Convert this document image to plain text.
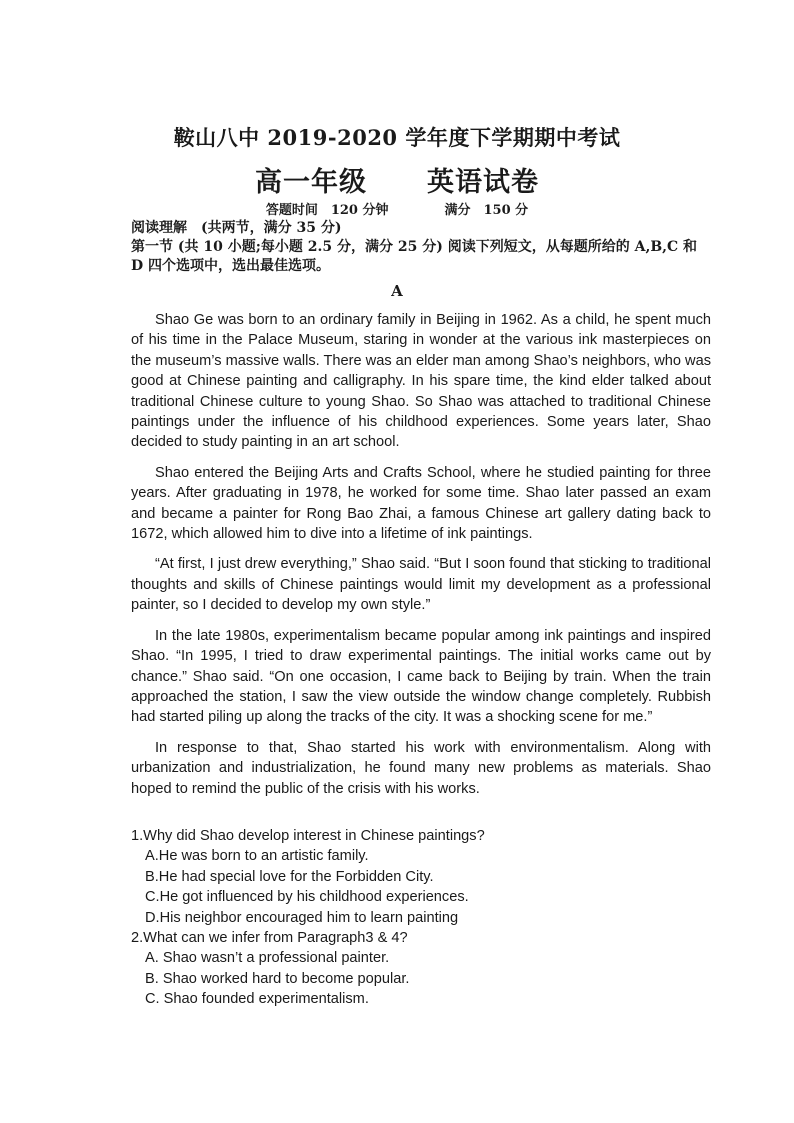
鞍山八中 2019-2020 学年度下学期期中考试
高一年级 英语试卷
答题时间　120 分钟	满分　150 分
阅读理解　(共两节，满分 35 分)
第一节 (共 10 小题;每小题 2.5 分，满分 25 分) 阅读下列短文，从每题所给的 A,B,C 和 D 四个选项中，选出最佳选项。
A

Shao Ge was born to an ordinary family in Beijing in 1962. As a child, he spent much of his time in the Palace Museum, staring in wonder at the various ink masterpieces on the museum’s massive walls. There was an elder man among Shao’s neighbors, who was good at Chinese painting and calligraphy. In his spare time, the kind elder talked about traditional Chinese culture to young Shao. So Shao was attached to traditional Chinese paintings under the influence of his childhood experiences. Some years later, Shao decided to study painting in an art school.

Shao entered the Beijing Arts and Crafts School, where he studied painting for three years. After graduating in 1978, he worked for some time. Shao later passed an exam and became a painter for Rong Bao Zhai, a famous Chinese art gallery dating back to 1672, which allowed him to dive into a lifetime of ink paintings.

“At first, I just drew everything,” Shao said. “But I soon found that sticking to traditional thoughts and skills of Chinese paintings would limit my development as a professional painter, so I decided to develop my own style.”

In the late 1980s, experimentalism became popular among ink paintings and inspired Shao. “In 1995, I tried to draw experimental paintings. The initial works came out by chance.” Shao said. “On one occasion, I came back to Beijing by train. When the train approached the station, I saw the view outside the window change completely. Rubbish had started piling up along the tracks of the city. It was a shocking scene for me.”

In response to that, Shao started his work with environmentalism. Along with urbanization and industrialization, he found many new problems as materials. Shao hoped to remind the public of the crisis with his works.

1.Why did Shao develop interest in Chinese paintings?

A.He was born to an artistic family.

B.He had special love for the Forbidden City.

C.He got influenced by his childhood experiences.

D.His neighbor encouraged him to learn painting

2.What can we infer from Paragraph3 & 4?

A. Shao wasn’t a professional painter.

B. Shao worked hard to become popular.

C. Shao founded experimentalism.
